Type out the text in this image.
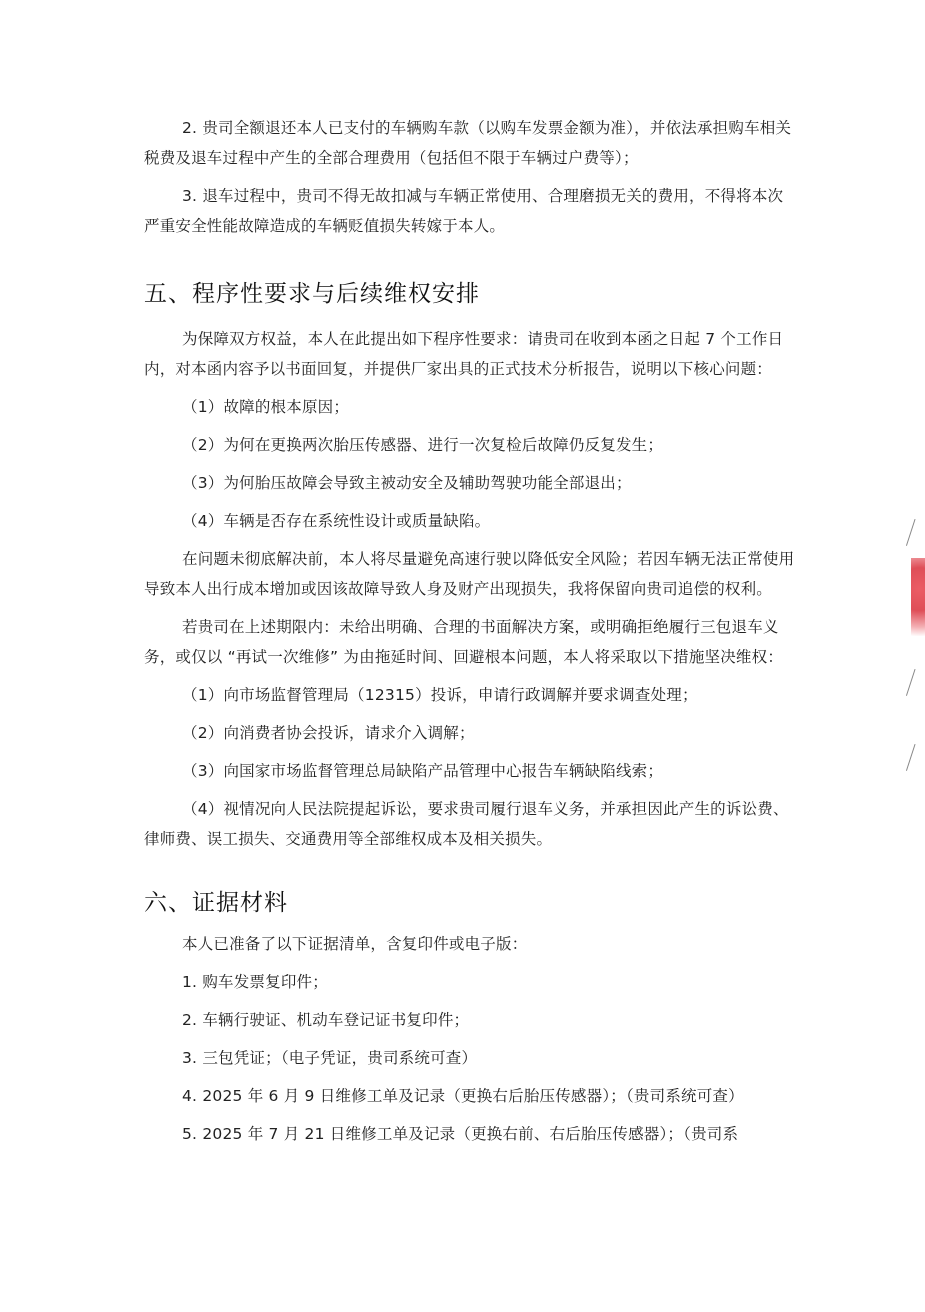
2. 贵司全额退还本人已支付的车辆购车款（以购车发票金额为准），并依法承担购车相关税费及退车过程中产生的全部合理费用（包括但不限于车辆过户费等）；

3. 退车过程中，贵司不得无故扣减与车辆正常使用、合理磨损无关的费用，不得将本次严重安全性能故障造成的车辆贬值损失转嫁于本人。

五、程序性要求与后续维权安排

为保障双方权益，本人在此提出如下程序性要求：请贵司在收到本函之日起 7 个工作日内，对本函内容予以书面回复，并提供厂家出具的正式技术分析报告，说明以下核心问题：

（1）故障的根本原因；

（2）为何在更换两次胎压传感器、进行一次复检后故障仍反复发生；

（3）为何胎压故障会导致主被动安全及辅助驾驶功能全部退出；

（4）车辆是否存在系统性设计或质量缺陷。

在问题未彻底解决前，本人将尽量避免高速行驶以降低安全风险；若因车辆无法正常使用导致本人出行成本增加或因该故障导致人身及财产出现损失，我将保留向贵司追偿的权利。

若贵司在上述期限内：未给出明确、合理的书面解决方案，或明确拒绝履行三包退车义务，或仅以 “再试一次维修” 为由拖延时间、回避根本问题，本人将采取以下措施坚决维权：

（1）向市场监督管理局（12315）投诉，申请行政调解并要求调查处理；

（2）向消费者协会投诉，请求介入调解；

（3）向国家市场监督管理总局缺陷产品管理中心报告车辆缺陷线索；

（4）视情况向人民法院提起诉讼，要求贵司履行退车义务，并承担因此产生的诉讼费、律师费、误工损失、交通费用等全部维权成本及相关损失。

六、证据材料

本人已准备了以下证据清单，含复印件或电子版：

1. 购车发票复印件；

2. 车辆行驶证、机动车登记证书复印件；

3. 三包凭证；（电子凭证，贵司系统可查）

4. 2025 年 6 月 9 日维修工单及记录（更换右后胎压传感器）；（贵司系统可查）

5. 2025 年 7 月 21 日维修工单及记录（更换右前、右后胎压传感器）；（贵司系
